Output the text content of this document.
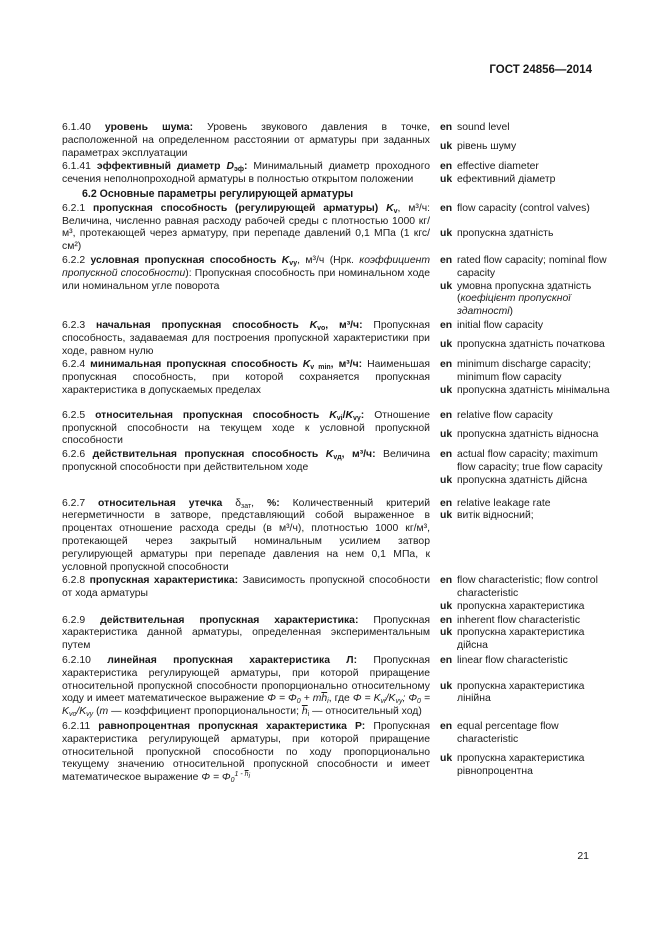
ГОСТ 24856—2014
6.1.40 уровень шума: Уровень звукового давления в точке, расположенной на определенном расстоянии от арматуры при заданных параметрах эксплуатации
en sound level
uk рівень шуму
6.1.41 эффективный диаметр $D_{эф}$: Минимальный диаметр проходного сечения неполнопроходной арматуры в полностью открытом положении
en effective diameter
uk ефективний діаметр
6.2 Основные параметры регулирующей арматуры
6.2.1 пропускная способность (регулирующей арматуры) $K_v$, м³/ч: Величина, численно равная расходу рабочей среды с плотностью 1000 кг/м³, протекающей через арматуру, при перепаде давлений 0,1 МПа (1 кгс/см²)
en flow capacity (control valves)
uk пропускна здатність
6.2.2 условная пропускная способность $K_{vy}$, м³/ч (Нрк. коэффициент пропускной способности): Пропускная способность при номинальном ходе или номинальном угле поворота
en rated flow capacity; nominal flow capacity
uk умовна пропускна здатність (коефіцієнт пропускної здатності)
6.2.3 начальная пропускная способность $K_{vo}$, м³/ч: Пропускная способность, задаваемая для построения пропускной характеристики при ходе, равном нулю
en initial flow capacity
uk пропускна здатність початкова
6.2.4 минимальная пропускная способность $K_{v min}$, м³/ч: Наименьшая пропускная способность, при которой сохраняется пропускная характеристика в допускаемых пределах
en minimum discharge capacity; minimum flow capacity
uk пропускна здатність мінімальна
6.2.5 относительная пропускная способность $K_{vi}/K_{vy}$: Отношение пропускной способности на текущем ходе к условной пропускной способности
en relative flow capacity
uk пропускна здатність відносна
6.2.6 действительная пропускная способность $K_{vд}$, м³/ч: Величина пропускной способности при действительном ходе
en actual flow capacity; maximum flow capacity; true flow capacity
uk пропускна здатність дійсна
6.2.7 относительная утечка $\delta_{зат}$, %: Количественный критерий негерметичности в затворе, представляющий собой выраженное в процентах отношение расхода среды (в м³/ч), плотностью 1000 кг/м³, протекающей через закрытый номинальным усилием затвор регулирующей арматуры при перепаде давления на нем 0,1 МПа, к условной пропускной способности
en relative leakage rate
uk витік відносний;
6.2.8 пропускная характеристика: Зависимость пропускной способности от хода арматуры
en flow characteristic; flow control characteristic
uk пропускна характеристика
6.2.9 действительная пропускная характеристика: Пропускная характеристика данной арматуры, определенная экспериментальным путем
en inherent flow characteristic
uk пропускна характеристика дійсна
6.2.10 линейная пропускная характеристика Л: Пропускная характеристика регулирующей арматуры, при которой приращение относительной пропускной способности пропорционально относительному ходу и имеет математическое выражение $\Phi = \Phi_0 + m\overline{h}_i$, где $\Phi = K_{vi}/K_{vy}$; $\Phi_0 = K_{vo}/K_{vy}$ (m — коэффициент пропорциональности; $\overline{h}_i$ — относительный ход)
en linear flow characteristic
uk пропускна характеристика лінійна
6.2.11 равнопроцентная пропускная характеристика Р: Пропускная характеристика регулирующей арматуры, при которой приращение относительной пропускной способности по ходу пропорционально текущему значению относительной пропускной способности и имеет математическое выражение $\Phi = \Phi_0^{1 - \overline{h}_i}$
en equal percentage flow characteristic
uk пропускна характеристика рівнопроцентна
21
